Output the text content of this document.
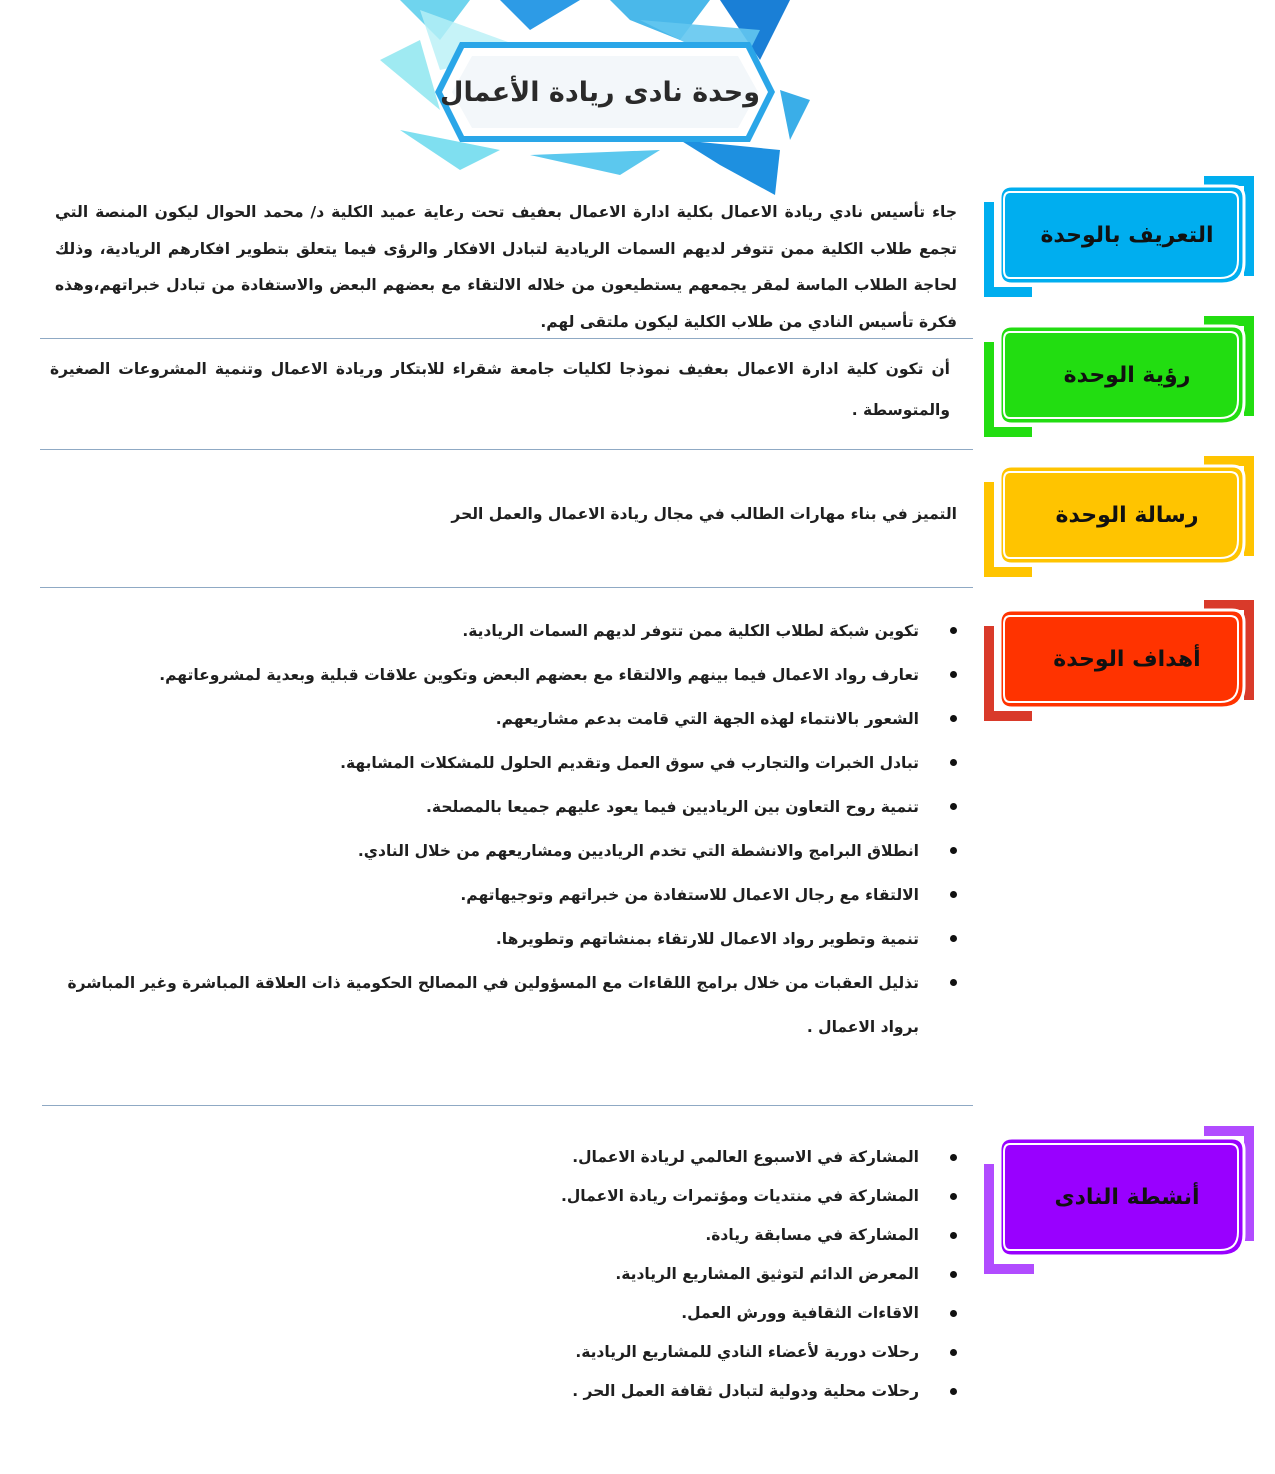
وحدة نادى ريادة الأعمال
التعريف بالوحدة
جاء تأسيس نادي ريادة الاعمال بكلية ادارة الاعمال بعفيف تحت رعاية عميد الكلية د/ محمد الحوال ليكون المنصة التي تجمع طلاب الكلية ممن تتوفر لديهم السمات الريادية لتبادل الافكار والرؤى فيما يتعلق بتطوير افكارهم الريادية، وذلك لحاجة الطلاب الماسة لمقر يجمعهم يستطيعون من خلاله الالتقاء مع بعضهم البعض والاستفادة من تبادل خبراتهم،وهذه فكرة تأسيس النادي من طلاب الكلية ليكون ملتقى لهم.
رؤية الوحدة
أن تكون كلية ادارة الاعمال بعفيف نموذجا لكليات جامعة شقراء للابتكار وريادة الاعمال وتنمية المشروعات الصغيرة والمتوسطة .
رسالة الوحدة
التميز في بناء مهارات الطالب في مجال ريادة الاعمال والعمل الحر
أهداف الوحدة
تكوين شبكة لطلاب الكلية ممن تتوفر لديهم السمات الريادية.
تعارف رواد الاعمال فيما بينهم والالتقاء مع بعضهم البعض وتكوين علاقات قبلية وبعدية لمشروعاتهم.
الشعور بالانتماء لهذه الجهة التي قامت بدعم مشاريعهم.
تبادل الخبرات والتجارب في سوق العمل وتقديم الحلول للمشكلات المشابهة.
تنمية روح التعاون بين الرياديين فيما يعود عليهم جميعا بالمصلحة.
انطلاق البرامج والانشطة التي تخدم الرياديين ومشاريعهم من خلال النادي.
الالتقاء مع رجال الاعمال للاستفادة من خبراتهم وتوجيهاتهم.
تنمية وتطوير رواد الاعمال للارتقاء بمنشاتهم وتطويرها.
تذليل العقبات من خلال برامج اللقاءات مع المسؤولين في المصالح الحكومية ذات العلاقة المباشرة وغير المباشرة برواد الاعمال .
أنشطة النادى
المشاركة في الاسبوع العالمي لريادة الاعمال.
المشاركة في منتديات ومؤتمرات ريادة الاعمال.
المشاركة في مسابقة ريادة.
المعرض الدائم لتوثيق المشاريع الريادية.
الاقاءات الثقافية وورش العمل.
رحلات دورية لأعضاء النادي للمشاريع الريادية.
رحلات محلية ودولية لتبادل ثقافة العمل الحر .
